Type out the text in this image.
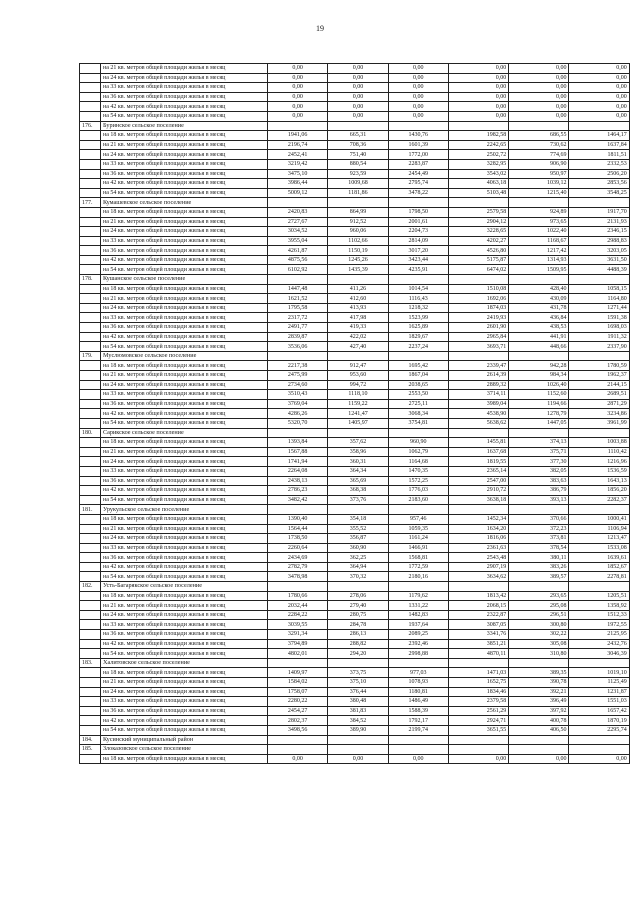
19
	на 21 кв. метров общей площади жилья в месяц	0,00	0,00	0,00	0,00	0,00	0,00
	на 24 кв. метров общей площади жилья в месяц	0,00	0,00	0,00	0,00	0,00	0,00
	на 33 кв. метров общей площади жилья в месяц	0,00	0,00	0,00	0,00	0,00	0,00
	на 36 кв. метров общей площади жилья в месяц	0,00	0,00	0,00	0,00	0,00	0,00
	на 42 кв. метров общей площади жилья в месяц	0,00	0,00	0,00	0,00	0,00	0,00
	на 54 кв. метров общей площади жилья в месяц	0,00	0,00	0,00	0,00	0,00	0,00
176.	Буринское сельское поселение						
	на 18 кв. метров общей площади жилья в месяц	1941,06	665,31	1430,76	1982,58	686,55	1464,17
	на 21 кв. метров общей площади жилья в месяц	2196,74	708,36	1601,39	2242,65	730,62	1637,84
	на 24 кв. метров общей площади жилья в месяц	2452,41	751,40	1772,00	2502,72	774,69	1811,51
	на 33 кв. метров общей площади жилья в месяц	3219,42	880,54	2283,87	3282,95	906,90	2332,53
	на 36 кв. метров общей площади жилья в месяц	3475,10	923,59	2454,49	3543,02	950,97	2506,20
	на 42 кв. метров общей площади жилья в месяц	3986,44	1009,68	2795,74	4063,18	1039,12	2853,56
	на 54 кв. метров общей площади жилья в месяц	5009,12	1181,86	3478,22	5103,48	1215,40	3548,25
177.	Кумашевское сельское поселение						
	на 18 кв. метров общей площади жилья в месяц	2420,83	864,99	1798,50	2579,58	924,89	1917,70
	на 21 кв. метров общей площади жилья в месяц	2727,67	912,52	2001,61	2904,12	973,65	2131,93
	на 24 кв. метров общей площади жилья в месяц	3034,52	960,06	2204,73	3228,65	1022,40	2346,15
	на 33 кв. метров общей площади жилья в месяц	3955,04	1102,66	2814,09	4202,27	1168,67	2988,83
	на 36 кв. метров общей площади жилья в месяц	4261,87	1150,19	3017,20	4526,80	1217,42	3203,05
	на 42 кв. метров общей площади жилья в месяц	4875,56	1245,26	3423,44	5175,87	1314,93	3631,50
	на 54 кв. метров общей площади жилья в месяц	6102,92	1435,39	4235,91	6474,02	1509,95	4488,39
178.	Кушанское сельское поселение						
	на 18 кв. метров общей площади жилья в месяц	1447,48	411,26	1014,54	1510,08	428,40	1058,15
	на 21 кв. метров общей площади жилья в месяц	1621,52	412,60	1116,43	1692,06	430,09	1164,80
	на 24 кв. метров общей площади жилья в месяц	1795,58	413,93	1218,32	1874,03	431,78	1271,44
	на 33 кв. метров общей площади жилья в месяц	2317,72	417,98	1523,99	2419,93	436,84	1591,38
	на 36 кв. метров общей площади жилья в месяц	2491,77	419,33	1625,89	2601,90	438,53	1698,03
	на 42 кв. метров общей площади жилья в месяц	2839,87	422,02	1829,67	2965,84	441,91	1911,32
	на 54 кв. метров общей площади жилья в месяц	3536,06	427,40	2237,24	3693,71	448,66	2337,90
179.	Муслюмовское сельское поселение						
	на 18 кв. метров общей площади жилья в месяц	2217,38	912,47	1695,42	2339,47	942,28	1780,59
	на 21 кв. метров общей площади жилья в месяц	2475,99	953,60	1867,04	2614,39	984,34	1962,37
	на 24 кв. метров общей площади жилья в месяц	2734,60	994,72	2038,65	2889,32	1026,40	2144,15
	на 33 кв. метров общей площади жилья в месяц	3510,43	1118,10	2553,50	3714,11	1152,60	2689,51
	на 36 кв. метров общей площади жилья в месяц	3769,04	1159,22	2725,11	3989,04	1194,66	2871,29
	на 42 кв. метров общей площади жилья в месяц	4286,26	1241,47	3068,34	4538,90	1278,79	3234,86
	на 54 кв. метров общей площади жилья в месяц	5320,70	1405,97	3754,81	5638,62	1447,05	3961,99
180.	Сарикское сельское поселение						
	на 18 кв. метров общей площади жилья в месяц	1393,84	357,62	960,90	1455,81	374,13	1003,88
	на 21 кв. метров общей площади жилья в месяц	1567,88	358,96	1062,79	1637,68	375,71	1110,42
	на 24 кв. метров общей площади жилья в месяц	1741,94	360,31	1164,68	1819,55	377,30	1216,96
	на 33 кв. метров общей площади жилья в месяц	2264,08	364,34	1470,35	2365,14	382,05	1536,59
	на 36 кв. метров общей площади жилья в месяц	2438,13	365,69	1572,25	2547,00	383,63	1643,13
	на 42 кв. метров общей площади жилья в месяц	2786,23	368,38	1776,03	2910,72	386,79	1856,20
	на 54 кв. метров общей площади жилья в месяц	3482,42	373,76	2183,60	3638,18	393,13	2282,37
181.	Урукульское сельское поселение						
	на 18 кв. метров общей площади жилья в месяц	1390,40	354,18	957,46	1452,34	370,66	1000,41
	на 21 кв. метров общей площади жилья в месяц	1564,44	355,52	1059,35	1634,20	372,23	1106,94
	на 24 кв. метров общей площади жилья в месяц	1738,50	356,87	1161,24	1816,06	373,81	1213,47
	на 33 кв. метров общей площади жилья в месяц	2260,64	360,90	1466,91	2361,63	378,54	1533,08
	на 36 кв. метров общей площади жилья в месяц	2434,69	362,25	1568,81	2543,48	380,11	1639,61
	на 42 кв. метров общей площади жилья в месяц	2782,79	364,94	1772,59	2907,19	383,26	1852,67
	на 54 кв. метров общей площади жилья в месяц	3478,98	370,32	2180,16	3634,62	389,57	2278,81
182.	Усть-Багарякское сельское поселение						
	на 18 кв. метров общей площади жилья в месяц	1780,66	278,06	1179,62	1813,42	293,65	1205,51
	на 21 кв. метров общей площади жилья в месяц	2032,44	279,40	1331,22	2068,15	295,08	1358,92
	на 24 кв. метров общей площади жилья в месяц	2284,22	280,75	1482,83	2322,87	296,51	1512,33
	на 33 кв. метров общей площади жилья в месяц	3039,55	284,78	1937,64	3087,05	300,80	1972,55
	на 36 кв. метров общей площади жилья в месяц	3291,34	286,13	2089,25	3341,76	302,22	2125,95
	на 42 кв. метров общей площади жилья в месяц	3794,89	288,82	2392,46	3851,21	305,08	2432,76
	на 54 кв. метров общей площади жилья в месяц	4802,01	294,20	2998,88	4870,11	310,80	3046,39
183.	Халитовское сельское поселение						
	на 18 кв. метров общей площади жилья в месяц	1409,97	373,75	977,03	1471,03	389,35	1019,10
	на 21 кв. метров общей площади жилья в месяц	1584,02	375,10	1078,93	1652,75	390,78	1125,49
	на 24 кв. метров общей площади жилья в месяц	1758,07	376,44	1180,81	1834,46	392,21	1231,87
	на 33 кв. метров общей площади жилья в месяц	2280,22	380,48	1486,49	2379,58	396,49	1551,03
	на 36 кв. метров общей площади жилья в месяц	2454,27	381,83	1588,39	2561,29	397,92	1657,42
	на 42 кв. метров общей площади жилья в месяц	2802,37	384,52	1792,17	2924,71	400,78	1870,19
	на 54 кв. метров общей площади жилья в месяц	3498,56	389,90	2199,74	3651,55	406,50	2295,74
184.	Кусинский муниципальный район						
185.	Злоказовское сельское поселение						
	на 18 кв. метров общей площади жилья в месяц	0,00	0,00	0,00	0,00	0,00	0,00
